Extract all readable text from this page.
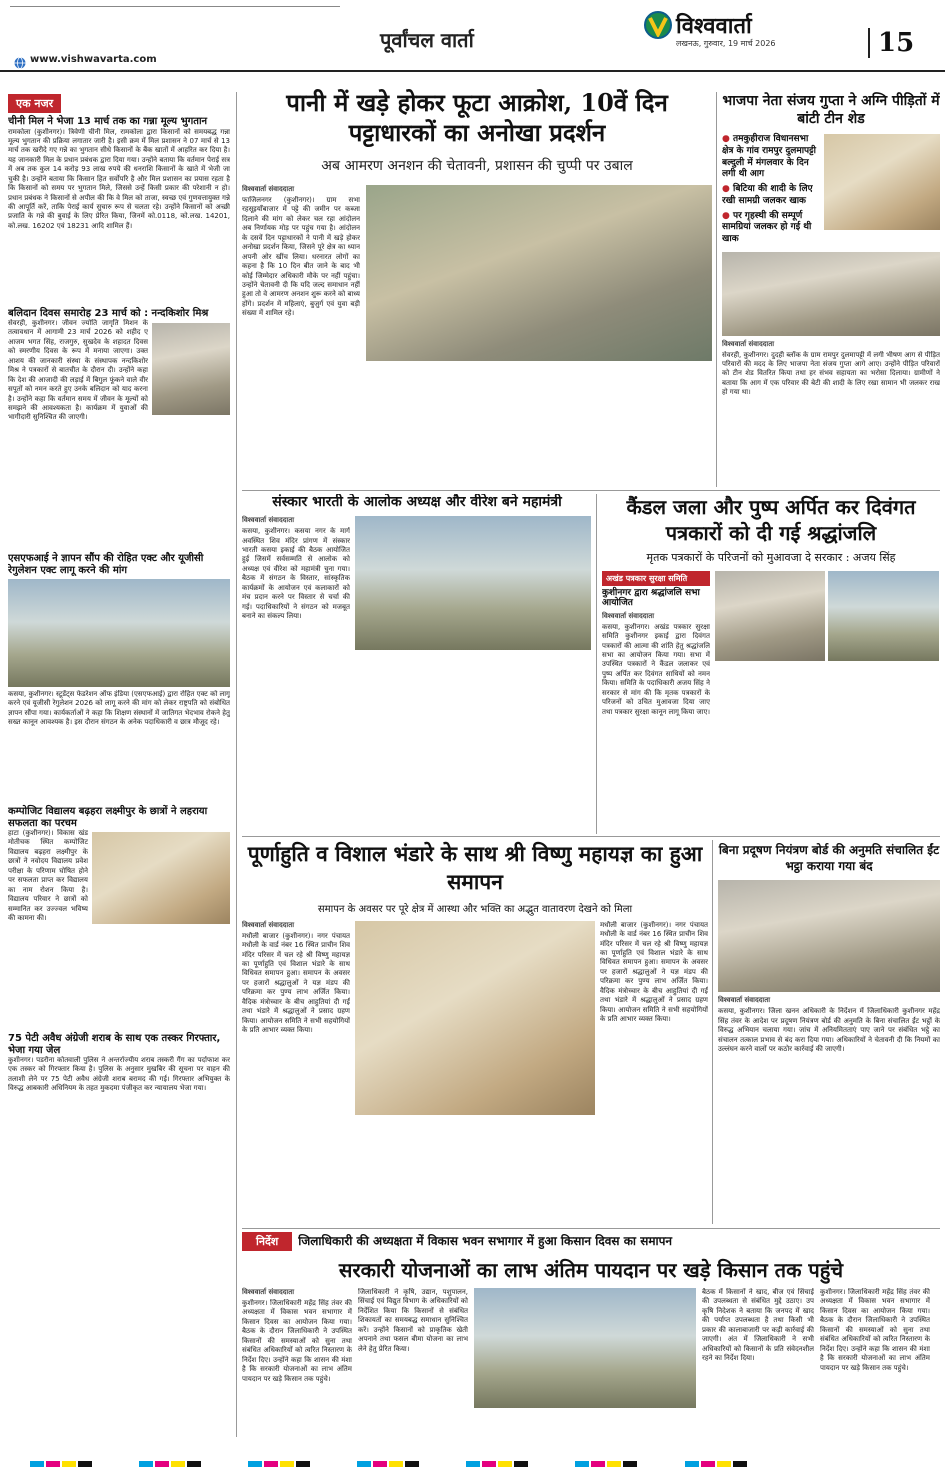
पूर्वांचल वार्ता
विश्ववार्ता
लखनऊ, गुरुवार, 19 मार्च 2026	15
www.vishwavarta.com
एक नजर
चीनी मिल ने भेजा 13 मार्च तक का गन्ना मूल्य भुगतान
रामकोला (कुशीनगर)। त्रिवेणी चीनी मिल, रामकोला द्वारा किसानों को समयबद्ध गन्ना मूल्य भुगतान की प्रक्रिया लगातार जारी है। इसी क्रम में मिल प्रशासन ने 07 मार्च से 13 मार्च तक खरीदे गए गन्ने का भुगतान सीधे किसानों के बैंक खातों में आहरित कर दिया है। यह जानकारी मिल के प्रधान प्रबंधक द्वारा दिया गया। उन्होंने बताया कि वर्तमान पेराई सत्र में अब तक कुल 14 करोड़ 93 लाख रुपये की धनराशि किसानों के खाते में भेजी जा चुकी है। उन्होंने बताया कि किसान हित सर्वोपरि है और मिल प्रशासन का प्रयास रहता है कि किसानों को समय पर भुगतान मिले, जिससे उन्हें किसी प्रकार की परेशानी न हो। प्रधान प्रबंधक ने किसानों से अपील की कि वे मिल को ताजा, स्वच्छ एवं गुणवत्तायुक्त गन्ने की आपूर्ति करें, ताकि पेराई कार्य सुचारु रूप से चलता रहे। उन्होंने किसानों को अच्छी प्रजाति के गन्ने की बुवाई के लिए प्रेरित किया, जिनमें को.0118, को.लख. 14201, को.लख. 16202 एवं 18231 आदि शामिल हैं।
बलिदान दिवस समारोह 23 मार्च को : नन्दकिशोर मिश्र
सेवरही, कुशीनगर। जीवन ज्योति जागृति मिशन के तत्वावधान में आगामी 23 मार्च 2026 को शहीद ए आजम भगत सिंह, राजगुरु, सुखदेव के शहादत दिवस को स्मरणीय दिवस के रूप में मनाया जाएगा। उक्त आशय की जानकारी संस्था के संस्थापक नन्दकिशोर मिश्र ने पत्रकारों से बातचीत के दौरान दी। उन्होंने कहा कि देश की आजादी की लड़ाई में बिगुल फूंकने वाले वीर सपूतों को नमन करते हुए उनके बलिदान को याद करना है। उन्होंने कहा कि वर्तमान समय में जीवन के मूल्यों को समझने की आवश्यकता है। कार्यक्रम में युवाओं की भागीदारी सुनिश्चित की जाएगी।
एसएफआई ने ज्ञापन सौंप की रोहित एक्ट और यूजीसी रेगुलेशन एक्ट लागू करने की मांग
कसया, कुशीनगर। स्टूडेंट्स फेडरेशन ऑफ इंडिया (एसएफआई) द्वारा रोहित एक्ट को लागू करने एवं यूजीसी रेगुलेशन 2026 को लागू करने की मांग को लेकर राष्ट्रपति को संबोधित ज्ञापन सौंपा गया। कार्यकर्ताओं ने कहा कि शिक्षण संस्थानों में जातिगत भेदभाव रोकने हेतु सख्त कानून आवश्यक है। इस दौरान संगठन के अनेक पदाधिकारी व छात्र मौजूद रहे।
कम्पोजिट विद्यालय बढ़हरा लक्ष्मीपुर के छात्रों ने लहराया सफलता का परचम
हाटा (कुशीनगर)। विकास खंड मोतीचक स्थित कम्पोजिट विद्यालय बढ़हरा लक्ष्मीपुर के छात्रों ने नवोदय विद्यालय प्रवेश परीक्षा के परिणाम घोषित होने पर सफलता प्राप्त कर विद्यालय का नाम रोशन किया है। विद्यालय परिवार ने छात्रों को सम्मानित कर उज्ज्वल भविष्य की कामना की।
75 पेटी अवैध अंग्रेजी शराब के साथ एक तस्कर गिरफ्तार, भेजा गया जेल
कुशीनगर। पडरौना कोतवाली पुलिस ने अन्तर्राज्यीय शराब तस्करी गैंग का पर्दाफाश कर एक तस्कर को गिरफ्तार किया है। पुलिस के अनुसार मुखबिर की सूचना पर वाहन की तलाशी लेने पर 75 पेटी अवैध अंग्रेजी शराब बरामद की गई। गिरफ्तार अभियुक्त के विरुद्ध आबकारी अधिनियम के तहत मुकदमा पंजीकृत कर न्यायालय भेजा गया।
पानी में खड़े होकर फूटा आक्रोश, 10वें दिन पट्टाधारकों का अनोखा प्रदर्शन
अब आमरण अनशन की चेतावनी, प्रशासन की चुप्पी पर उबाल
विश्ववार्ता संवाददाता
फाजिलनगर (कुशीनगर)। ग्राम सभा रहसूइयाँबाजार में पट्टे की जमीन पर कब्जा दिलाने की मांग को लेकर चल रहा आंदोलन अब निर्णायक मोड़ पर पहुंच गया है। आंदोलन के दसवें दिन पट्टाधारकों ने पानी में खड़े होकर अनोखा प्रदर्शन किया, जिसने पूरे क्षेत्र का ध्यान अपनी ओर खींच लिया। धरनारत लोगों का कहना है कि 10 दिन बीत जाने के बाद भी कोई जिम्मेदार अधिकारी मौके पर नहीं पहुंचा। उन्होंने चेतावनी दी कि यदि जल्द समाधान नहीं हुआ तो वे आमरण अनशन शुरू करने को बाध्य होंगे। प्रदर्शन में महिलाएं, बुजुर्ग एवं युवा बड़ी संख्या में शामिल रहे।
भाजपा नेता संजय गुप्ता ने अग्नि पीड़ितों में बांटी टीन शेड
● तमकुहीराज विधानसभा क्षेत्र के गांव रामपुर दुलमापट्टी बल्दुली में मंगलवार के दिन लगी थी आग
● बिटिया की शादी के लिए रखी सामग्री जलकर खाक
● पर गृहस्थी की सम्पूर्ण सामग्रियां जलकर हो गई थी खाक
विश्ववार्ता संवाददाता
सेवरही, कुशीनगर। दुदही ब्लॉक के ग्राम रामपुर दुलमापट्टी में लगी भीषण आग से पीड़ित परिवारों की मदद के लिए भाजपा नेता संजय गुप्ता आगे आए। उन्होंने पीड़ित परिवारों को टीन शेड वितरित किया तथा हर संभव सहायता का भरोसा दिलाया। ग्रामीणों ने बताया कि आग में एक परिवार की बेटी की शादी के लिए रखा सामान भी जलकर राख हो गया था।
संस्कार भारती के आलोक अध्यक्ष और वीरेश बने महामंत्री
विश्ववार्ता संवाददाता
कसया, कुशीनगर। कसया नगर के मार्ग अवस्थित शिव मंदिर प्रांगण में संस्कार भारती कसया इकाई की बैठक आयोजित हुई जिसमें सर्वसम्मति से आलोक को अध्यक्ष एवं वीरेश को महामंत्री चुना गया। बैठक में संगठन के विस्तार, सांस्कृतिक कार्यक्रमों के आयोजन एवं कलाकारों को मंच प्रदान करने पर विस्तार से चर्चा की गई। पदाधिकारियों ने संगठन को मजबूत बनाने का संकल्प लिया।
कैंडल जला और पुष्प अर्पित कर दिवंगत पत्रकारों को दी गई श्रद्धांजलि
मृतक पत्रकारों के परिजनों को मुआवजा दे सरकार : अजय सिंह
अखंड पत्रकार सुरक्षा समिति
कुशीनगर द्वारा श्रद्धांजलि सभा आयोजित
विश्ववार्ता संवाददाता
कसया, कुशीनगर। अखंड पत्रकार सुरक्षा समिति कुशीनगर इकाई द्वारा दिवंगत पत्रकारों की आत्मा की शांति हेतु श्रद्धांजलि सभा का आयोजन किया गया। सभा में उपस्थित पत्रकारों ने कैंडल जलाकर एवं पुष्प अर्पित कर दिवंगत साथियों को नमन किया। समिति के पदाधिकारी अजय सिंह ने सरकार से मांग की कि मृतक पत्रकारों के परिजनों को उचित मुआवजा दिया जाए तथा पत्रकार सुरक्षा कानून लागू किया जाए।
पूर्णाहुति व विशाल भंडारे के साथ श्री विष्णु महायज्ञ का हुआ समापन
समापन के अवसर पर पूरे क्षेत्र में आस्था और भक्ति का अद्भुत वातावरण देखने को मिला
विश्ववार्ता संवाददाता
मधौली बाजार (कुशीनगर)। नगर पंचायत मधौली के वार्ड नंबर 16 स्थित प्राचीन शिव मंदिर परिसर में चल रहे श्री विष्णु महायज्ञ का पूर्णाहुति एवं विशाल भंडारे के साथ विधिवत समापन हुआ। समापन के अवसर पर हजारों श्रद्धालुओं ने यज्ञ मंडप की परिक्रमा कर पुण्य लाभ अर्जित किया। वैदिक मंत्रोच्चार के बीच आहुतियां दी गईं तथा भंडारे में श्रद्धालुओं ने प्रसाद ग्रहण किया। आयोजन समिति ने सभी सहयोगियों के प्रति आभार व्यक्त किया।
मधौली बाजार (कुशीनगर)। नगर पंचायत मधौली के वार्ड नंबर 16 स्थित प्राचीन शिव मंदिर परिसर में चल रहे श्री विष्णु महायज्ञ का पूर्णाहुति एवं विशाल भंडारे के साथ विधिवत समापन हुआ। समापन के अवसर पर हजारों श्रद्धालुओं ने यज्ञ मंडप की परिक्रमा कर पुण्य लाभ अर्जित किया। वैदिक मंत्रोच्चार के बीच आहुतियां दी गईं तथा भंडारे में श्रद्धालुओं ने प्रसाद ग्रहण किया। आयोजन समिति ने सभी सहयोगियों के प्रति आभार व्यक्त किया।
बिना प्रदूषण नियंत्रण बोर्ड की अनुमति संचालित ईंट भट्ठा कराया गया बंद
विश्ववार्ता संवाददाता
कसया, कुशीनगर। जिला खनन अधिकारी के निर्देशन में जिलाधिकारी कुशीनगर महेंद्र सिंह तंवर के आदेश पर प्रदूषण नियंत्रण बोर्ड की अनुमति के बिना संचालित ईंट भट्ठों के विरुद्ध अभियान चलाया गया। जांच में अनियमितताएं पाए जाने पर संबंधित भट्ठे का संचालन तत्काल प्रभाव से बंद करा दिया गया। अधिकारियों ने चेतावनी दी कि नियमों का उल्लंघन करने वालों पर कठोर कार्रवाई की जाएगी।
निर्देश	जिलाधिकारी की अध्यक्षता में विकास भवन सभागार में हुआ किसान दिवस का समापन
सरकारी योजनाओं का लाभ अंतिम पायदान पर खड़े किसान तक पहुंचे
विश्ववार्ता संवाददाता
कुशीनगर। जिलाधिकारी महेंद्र सिंह तंवर की अध्यक्षता में विकास भवन सभागार में किसान दिवस का आयोजन किया गया। बैठक के दौरान जिलाधिकारी ने उपस्थित किसानों की समस्याओं को सुना तथा संबंधित अधिकारियों को त्वरित निस्तारण के निर्देश दिए। उन्होंने कहा कि शासन की मंशा है कि सरकारी योजनाओं का लाभ अंतिम पायदान पर खड़े किसान तक पहुंचे।
जिलाधिकारी ने कृषि, उद्यान, पशुपालन, सिंचाई एवं विद्युत विभाग के अधिकारियों को निर्देशित किया कि किसानों से संबंधित शिकायतों का समयबद्ध समाधान सुनिश्चित करें। उन्होंने किसानों को प्राकृतिक खेती अपनाने तथा फसल बीमा योजना का लाभ लेने हेतु प्रेरित किया।
बैठक में किसानों ने खाद, बीज एवं सिंचाई की उपलब्धता से संबंधित मुद्दे उठाए। उप कृषि निदेशक ने बताया कि जनपद में खाद की पर्याप्त उपलब्धता है तथा किसी भी प्रकार की कालाबाजारी पर कड़ी कार्रवाई की जाएगी। अंत में जिलाधिकारी ने सभी अधिकारियों को किसानों के प्रति संवेदनशील रहने का निर्देश दिया।
कुशीनगर। जिलाधिकारी महेंद्र सिंह तंवर की अध्यक्षता में विकास भवन सभागार में किसान दिवस का आयोजन किया गया। बैठक के दौरान जिलाधिकारी ने उपस्थित किसानों की समस्याओं को सुना तथा संबंधित अधिकारियों को त्वरित निस्तारण के निर्देश दिए। उन्होंने कहा कि शासन की मंशा है कि सरकारी योजनाओं का लाभ अंतिम पायदान पर खड़े किसान तक पहुंचे।
